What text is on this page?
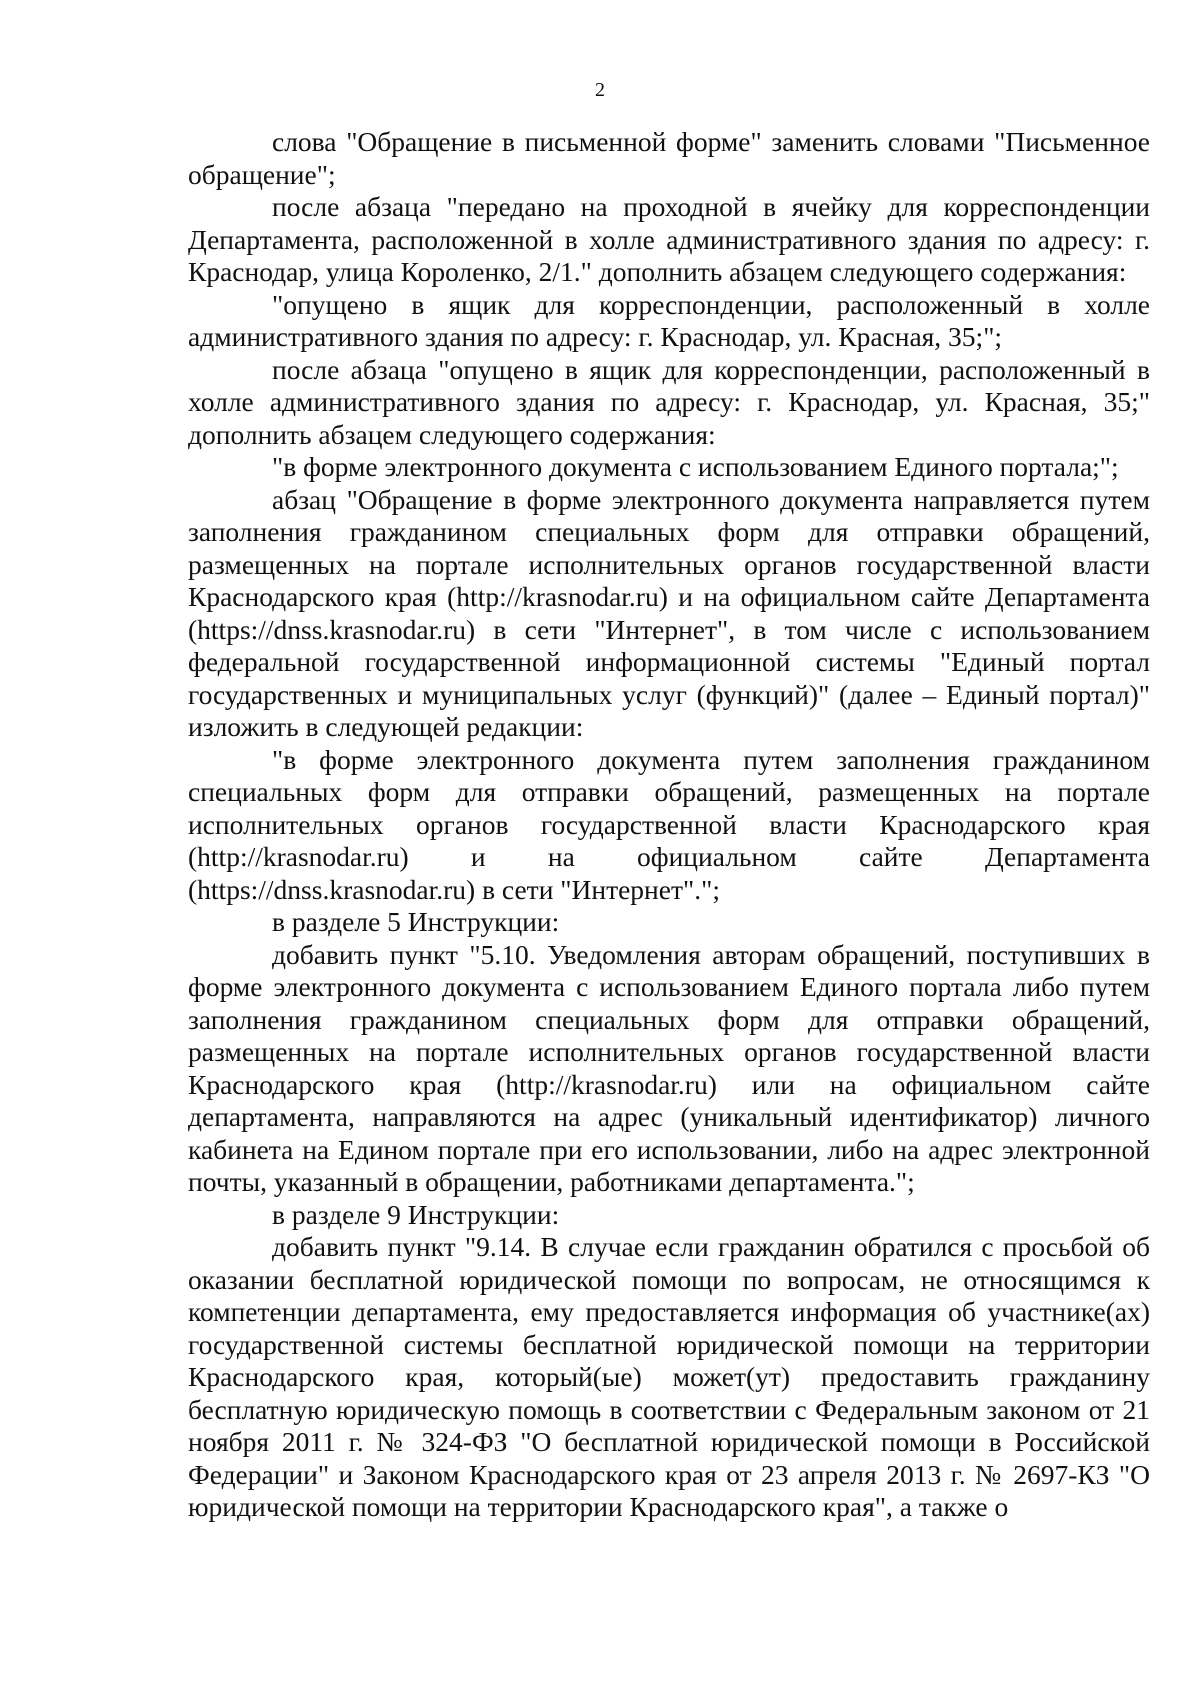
2

слова "Обращение в письменной форме" заменить словами "Письменное обращение";

после абзаца "передано на проходной в ячейку для корреспонденции Департамента, расположенной в холле административного здания по адресу: г. Краснодар, улица Короленко, 2/1." дополнить абзацем следующего содержания:

"опущено в ящик для корреспонденции, расположенный в холле административного здания по адресу: г. Краснодар, ул. Красная, 35;";

после абзаца "опущено в ящик для корреспонденции, расположенный в холле административного здания по адресу: г. Краснодар, ул. Красная, 35;" дополнить абзацем следующего содержания:

"в форме электронного документа с использованием Единого портала;";

абзац "Обращение в форме электронного документа направляется путем заполнения гражданином специальных форм для отправки обращений, размещенных на портале исполнительных органов государственной власти Краснодарского края (http://krasnodar.ru) и на официальном сайте Департамента (https://dnss.krasnodar.ru) в сети "Интернет", в том числе с использованием федеральной государственной информационной системы "Единый портал государственных и муниципальных услуг (функций)" (далее – Единый портал)" изложить в следующей редакции:

"в форме электронного документа путем заполнения гражданином специальных форм для отправки обращений, размещенных на портале исполнительных органов государственной власти Краснодарского края (http://krasnodar.ru) и на официальном сайте Департамента (https://dnss.krasnodar.ru) в сети "Интернет".";

в разделе 5 Инструкции:

добавить пункт "5.10. Уведомления авторам обращений, поступивших в форме электронного документа с использованием Единого портала либо путем заполнения гражданином специальных форм для отправки обращений, размещенных на портале исполнительных органов государственной власти Краснодарского края (http://krasnodar.ru) или на официальном сайте департамента, направляются на адрес (уникальный идентификатор) личного кабинета на Едином портале при его использовании, либо на адрес электронной почты, указанный в обращении, работниками департамента.";

в разделе 9 Инструкции:

добавить пункт "9.14. В случае если гражданин обратился с просьбой об оказании бесплатной юридической помощи по вопросам, не относящимся к компетенции департамента, ему предоставляется информация об участнике(ах) государственной системы бесплатной юридической помощи на территории Краснодарского края, который(ые) может(ут) предоставить гражданину бесплатную юридическую помощь в соответствии с Федеральным законом от 21 ноября 2011 г. № 324-ФЗ "О бесплатной юридической помощи в Российской Федерации" и Законом Краснодарского края от 23 апреля 2013 г. № 2697-КЗ "О юридической помощи на территории Краснодарского края", а также о
